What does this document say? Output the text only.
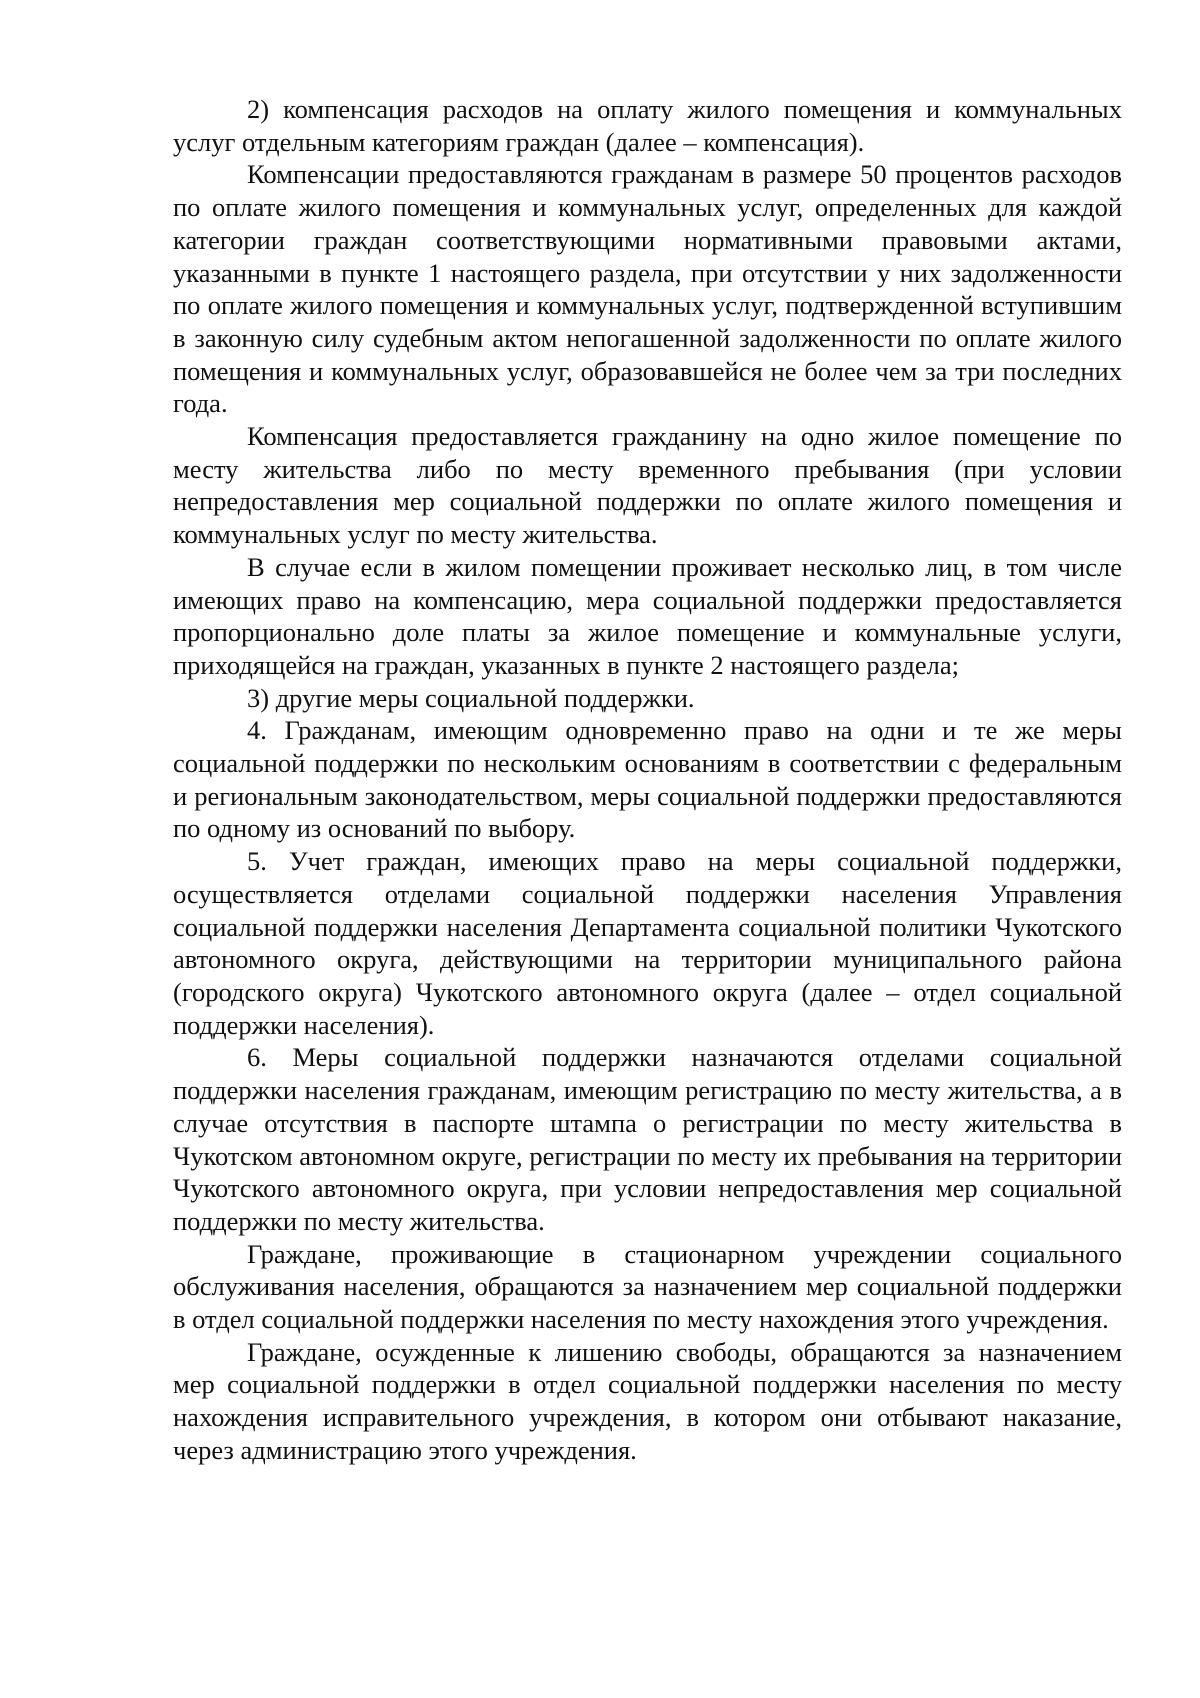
2) компенсация расходов на оплату жилого помещения и коммунальных услуг отдельным категориям граждан (далее – компенсация).

Компенсации предоставляются гражданам в размере 50 процентов расходов по оплате жилого помещения и коммунальных услуг, определенных для каждой категории граждан соответствующими нормативными правовыми актами, указанными в пункте 1 настоящего раздела, при отсутствии у них задолженности по оплате жилого помещения и коммунальных услуг, подтвержденной вступившим в законную силу судебным актом непогашенной задолженности по оплате жилого помещения и коммунальных услуг, образовавшейся не более чем за три последних года.

Компенсация предоставляется гражданину на одно жилое помещение по месту жительства либо по месту временного пребывания (при условии непредоставления мер социальной поддержки по оплате жилого помещения и коммунальных услуг по месту жительства.

В случае если в жилом помещении проживает несколько лиц, в том числе имеющих право на компенсацию, мера социальной поддержки предоставляется пропорционально доле платы за жилое помещение и коммунальные услуги, приходящейся на граждан, указанных в пункте 2 настоящего раздела;

3) другие меры социальной поддержки.

4. Гражданам, имеющим одновременно право на одни и те же меры социальной поддержки по нескольким основаниям в соответствии с федеральным и региональным законодательством, меры социальной поддержки предоставляются по одному из оснований по выбору.

5. Учет граждан, имеющих право на меры социальной поддержки, осуществляется отделами социальной поддержки населения Управления социальной поддержки населения Департамента социальной политики Чукотского автономного округа, действующими на территории муниципального района (городского округа) Чукотского автономного округа (далее – отдел социальной поддержки населения).

6. Меры социальной поддержки назначаются отделами социальной поддержки населения гражданам, имеющим регистрацию по месту жительства, а в случае отсутствия в паспорте штампа о регистрации по месту жительства в Чукотском автономном округе, регистрации по месту их пребывания на территории Чукотского автономного округа, при условии непредоставления мер социальной поддержки по месту жительства.

Граждане, проживающие в стационарном учреждении социального обслуживания населения, обращаются за назначением мер социальной поддержки в отдел социальной поддержки населения по месту нахождения этого учреждения.

Граждане, осужденные к лишению свободы, обращаются за назначением мер социальной поддержки в отдел социальной поддержки населения по месту нахождения исправительного учреждения, в котором они отбывают наказание, через администрацию этого учреждения.
